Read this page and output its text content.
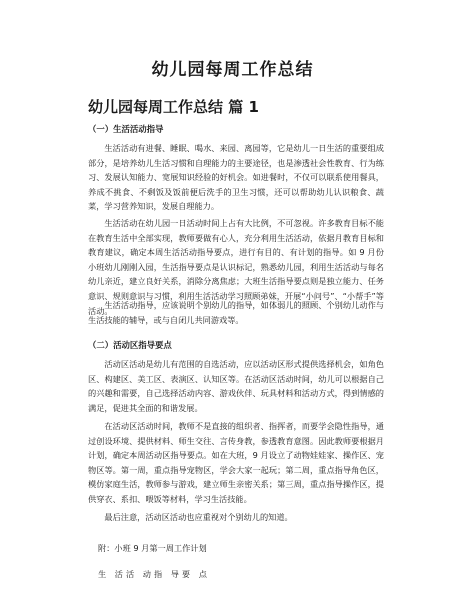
幼儿园每周工作总结
幼儿园每周工作总结 篇 1
（一）生活活动指导

生活活动有进餐、睡眠、喝水、来园、离园等，它是幼儿一日生活的重要组成部分，是培养幼儿生活习惯和自理能力的主要途径，也是渗透社会性教育、行为练习、发展认知能力、宽展知识经验的好机会。如进餐时，不仅可以联系使用餐具，养成不挑食、不剩饭及饭前便后洗手的卫生习惯，还可以帮助幼儿认识粮食、蔬菜，学习营养知识，发展自理能力。

生活活动在幼儿园一日活动时间上占有大比例，不可忽视。许多教育目标不能在教育生活中全部实现，教师要做有心人，充分利用生活活动，依据月教育目标和教育建议，确定本周生活活动指导要点，进行有目的、有计划的指导。如 9 月份小班幼儿刚刚入园，生活指导要点是认识标记，熟悉幼儿园，利用生活活动与每名幼儿亲近，建立良好关系，消除分离焦虑；大班生活指导要点则是独立能力、任务意识、规则意识与习惯，利用生活活动学习照顾弟妹，开展“小问号”、“小帮手”等活动。

生活活动指导，应该说明个别幼儿的指导，如体弱儿的照顾、个别幼儿动作与生活技能的辅导，或与自闭儿共同游戏等。

（二）活动区指导要点

活动区活动是幼儿有范围的自选活动，应以活动区形式提供选择机会，如角色区、构建区、美工区、表演区、认知区等。在活动区活动时间，幼儿可以根据自己的兴趣和需要，自己选择活动内容、游戏伙伴、玩具材料和活动方式，得到情感的满足，促进其全面的和谐发展。

在活动区活动时间，教师不是直接的组织者、指挥者，而要学会隐性指导，通过创设环境、提供材料、师生交往、言传身教，参透教育意图。因此教师要根据月计划，确定本周活动区指导要点。如在大班，9 月设立了动物娃娃家、操作区、宠物区等。第一周，重点指导宠物区，学会大家一起玩；第二周，重点指导角色区，模仿家庭生活，教师参与游戏，建立师生亲密关系；第三周，重点指导操作区，提供穿衣、系扣、喂饭等材料，学习生活技能。

最后注意，活动区活动也应重视对个别幼儿的知道。

附：小班 9 月第一周工作计划
生 活活 动指 导要 点
